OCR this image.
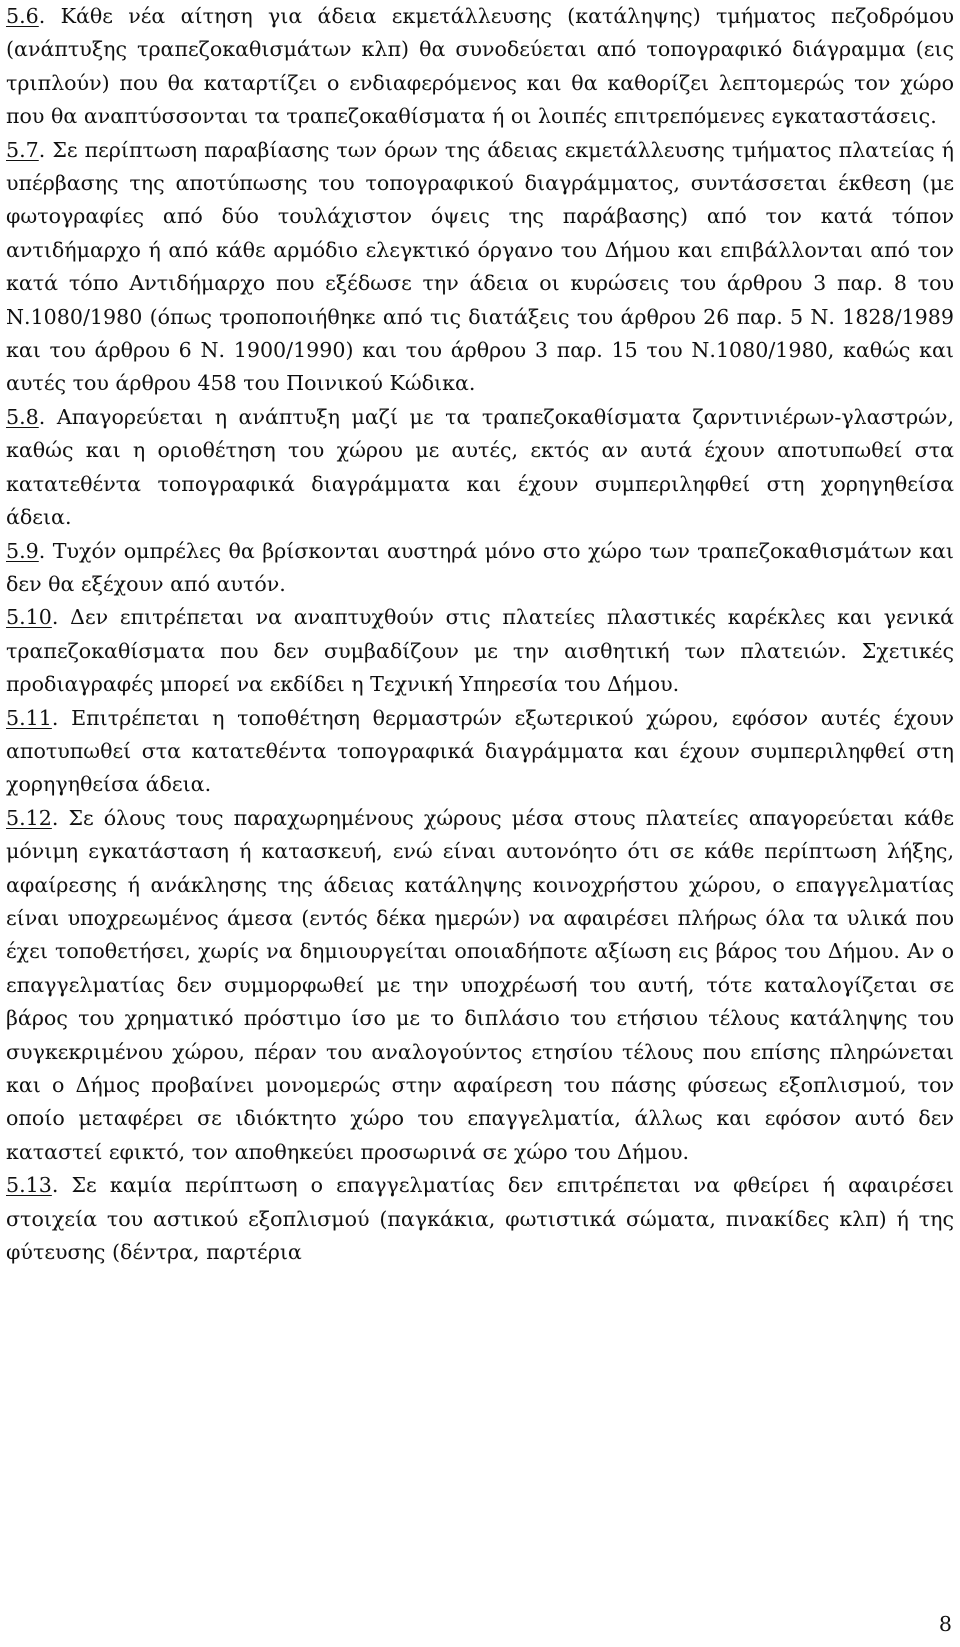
5.6. Κάθε νέα αίτηση για άδεια εκμετάλλευσης (κατάληψης) τμήματος πεζοδρόμου (ανάπτυξης τραπεζοκαθισμάτων κλπ) θα συνοδεύεται από τοπογραφικό διάγραμμα (εις τριπλούν) που θα καταρτίζει ο ενδιαφερόμενος και θα καθορίζει λεπτομερώς τον χώρο που θα αναπτύσσονται τα τραπεζοκαθίσματα ή οι λοιπές επιτρεπόμενες εγκαταστάσεις.

5.7. Σε περίπτωση παραβίασης των όρων της άδειας εκμετάλλευσης τμήματος πλατείας ή υπέρβασης της αποτύπωσης του τοπογραφικού διαγράμματος, συντάσσεται έκθεση (με φωτογραφίες από δύο τουλάχιστον όψεις της παράβασης) από τον κατά τόπον αντιδήμαρχο ή από κάθε αρμόδιο ελεγκτικό όργανο του Δήμου και επιβάλλονται από τον κατά τόπο Αντιδήμαρχο που εξέδωσε την άδεια οι κυρώσεις του άρθρου 3 παρ. 8 του Ν.1080/1980 (όπως τροποποιήθηκε από τις διατάξεις του άρθρου 26 παρ. 5 Ν. 1828/1989 και του άρθρου 6 Ν. 1900/1990) και του άρθρου 3 παρ. 15 του Ν.1080/1980, καθώς και αυτές του άρθρου 458 του Ποινικού Κώδικα.

5.8. Απαγορεύεται η ανάπτυξη μαζί με τα τραπεζοκαθίσματα ζαρντινιέρων-γλαστρών, καθώς και η οριοθέτηση του χώρου με αυτές, εκτός αν αυτά έχουν αποτυπωθεί στα κατατεθέντα τοπογραφικά διαγράμματα και έχουν συμπεριληφθεί στη χορηγηθείσα άδεια.

5.9. Τυχόν ομπρέλες θα βρίσκονται αυστηρά μόνο στο χώρο των τραπεζοκαθισμάτων και δεν θα εξέχουν από αυτόν.

5.10. Δεν επιτρέπεται να αναπτυχθούν στις πλατείες πλαστικές καρέκλες και γενικά τραπεζοκαθίσματα που δεν συμβαδίζουν με την αισθητική των πλατειών. Σχετικές προδιαγραφές μπορεί να εκδίδει η Τεχνική Υπηρεσία του Δήμου.

5.11. Επιτρέπεται η τοποθέτηση θερμαστρών εξωτερικού χώρου, εφόσον αυτές έχουν αποτυπωθεί στα κατατεθέντα τοπογραφικά διαγράμματα και έχουν συμπεριληφθεί στη χορηγηθείσα άδεια.

5.12. Σε όλους τους παραχωρημένους χώρους μέσα στους πλατείες απαγορεύεται κάθε μόνιμη εγκατάσταση ή κατασκευή, ενώ είναι αυτονόητο ότι σε κάθε περίπτωση λήξης, αφαίρεσης ή ανάκλησης της άδειας κατάληψης κοινοχρήστου χώρου, ο επαγγελματίας είναι υποχρεωμένος άμεσα (εντός δέκα ημερών) να αφαιρέσει πλήρως όλα τα υλικά που έχει τοποθετήσει, χωρίς να δημιουργείται οποιαδήποτε αξίωση εις βάρος του Δήμου. Αν ο επαγγελματίας δεν συμμορφωθεί με την υποχρέωσή του αυτή, τότε καταλογίζεται σε βάρος του χρηματικό πρόστιμο ίσο με το διπλάσιο του ετήσιου τέλους κατάληψης του συγκεκριμένου χώρου, πέραν του αναλογούντος ετησίου τέλους που επίσης πληρώνεται και ο Δήμος προβαίνει μονομερώς στην αφαίρεση του πάσης φύσεως εξοπλισμού, τον οποίο μεταφέρει σε ιδιόκτητο χώρο του επαγγελματία, άλλως και εφόσον αυτό δεν καταστεί εφικτό, τον αποθηκεύει προσωρινά σε χώρο του Δήμου.

5.13. Σε καμία περίπτωση ο επαγγελματίας δεν επιτρέπεται να φθείρει ή αφαιρέσει στοιχεία του αστικού εξοπλισμού (παγκάκια, φωτιστικά σώματα, πινακίδες κλπ) ή της φύτευσης (δέντρα, παρτέρια

8
